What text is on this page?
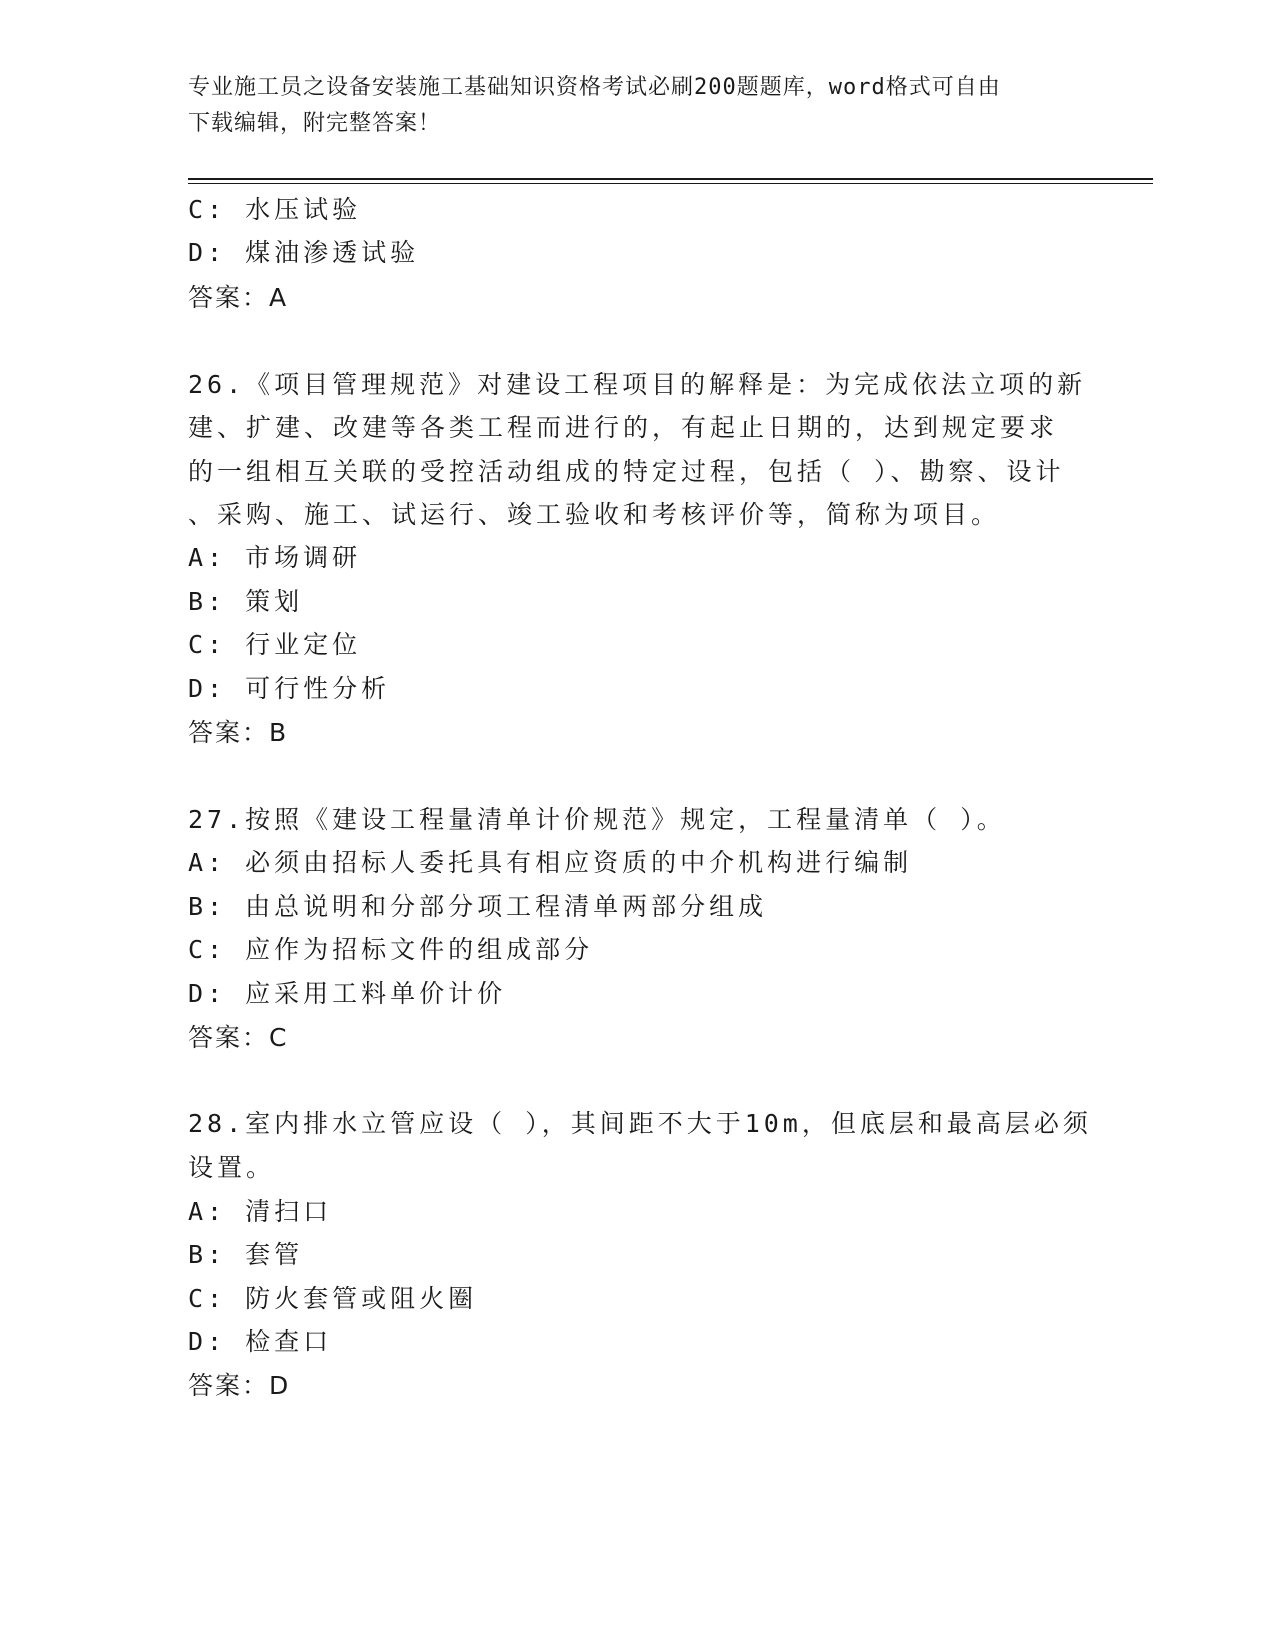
专业施工员之设备安装施工基础知识资格考试必刷200题题库，word格式可自由
下载编辑，附完整答案！
C: 水压试验
D: 煤油渗透试验
答案：A
26.《项目管理规范》对建设工程项目的解释是：为完成依法立项的新
建、扩建、改建等各类工程而进行的，有起止日期的，达到规定要求
的一组相互关联的受控活动组成的特定过程，包括（ ）、勘察、设计
、采购、施工、试运行、竣工验收和考核评价等，简称为项目。
A: 市场调研
B: 策划
C: 行业定位
D: 可行性分析
答案：B
27.按照《建设工程量清单计价规范》规定，工程量清单（ ）。
A: 必须由招标人委托具有相应资质的中介机构进行编制
B: 由总说明和分部分项工程清单两部分组成
C: 应作为招标文件的组成部分
D: 应采用工料单价计价
答案：C
28.室内排水立管应设（ ），其间距不大于10m，但底层和最高层必须
设置。
A: 清扫口
B: 套管
C: 防火套管或阻火圈
D: 检查口
答案：D
